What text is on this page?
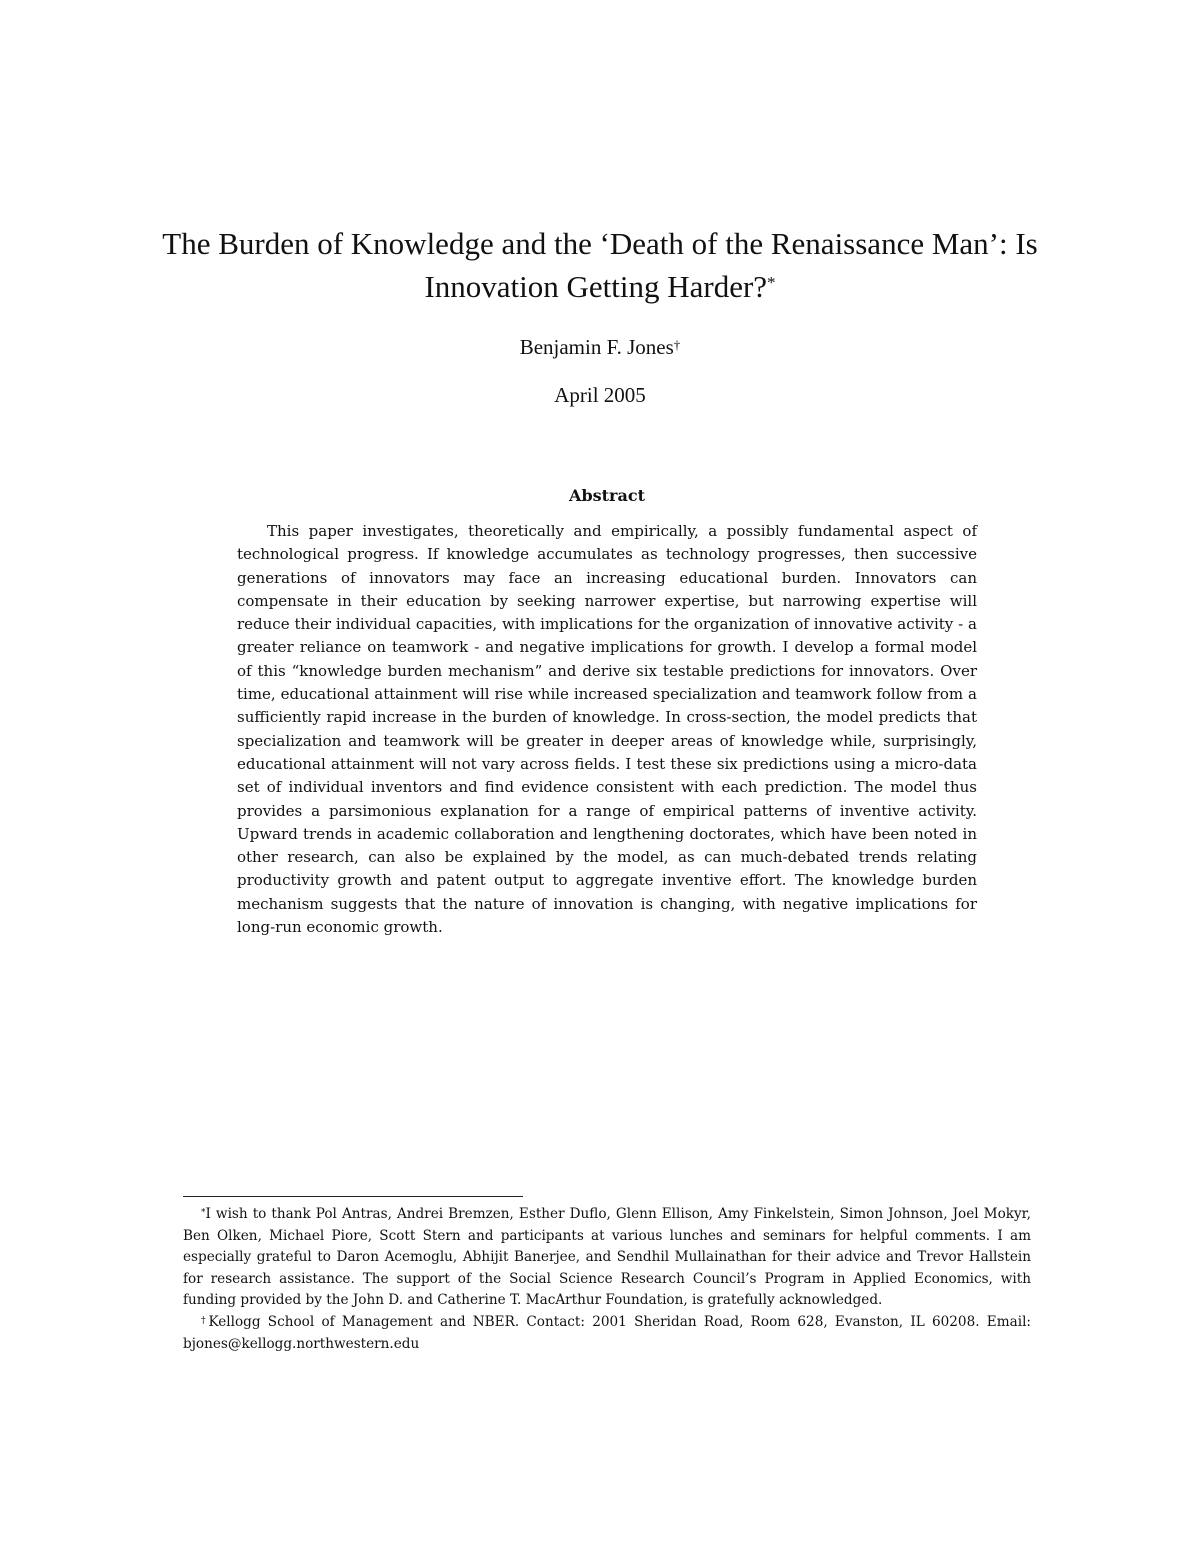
The Burden of Knowledge and the ‘Death of the Renaissance Man’: Is Innovation Getting Harder?*
Benjamin F. Jones†
April 2005
Abstract

This paper investigates, theoretically and empirically, a possibly fundamental aspect of technological progress. If knowledge accumulates as technology progresses, then successive generations of innovators may face an increasing educational burden. Innovators can compensate in their education by seeking narrower expertise, but narrowing expertise will reduce their individual capacities, with implications for the organization of innovative activity - a greater reliance on teamwork - and negative implications for growth. I develop a formal model of this “knowledge burden mechanism” and derive six testable predictions for innovators. Over time, educational attainment will rise while increased specialization and teamwork follow from a sufficiently rapid increase in the burden of knowledge. In cross-section, the model predicts that specialization and teamwork will be greater in deeper areas of knowledge while, surprisingly, educational attainment will not vary across fields. I test these six predictions using a micro-data set of individual inventors and find evidence consistent with each prediction. The model thus provides a parsimonious explanation for a range of empirical patterns of inventive activity. Upward trends in academic collaboration and lengthening doctorates, which have been noted in other research, can also be explained by the model, as can much-debated trends relating productivity growth and patent output to aggregate inventive effort. The knowledge burden mechanism suggests that the nature of innovation is changing, with negative implications for long-run economic growth.

*I wish to thank Pol Antras, Andrei Bremzen, Esther Duflo, Glenn Ellison, Amy Finkelstein, Simon Johnson, Joel Mokyr, Ben Olken, Michael Piore, Scott Stern and participants at various lunches and seminars for helpful comments. I am especially grateful to Daron Acemoglu, Abhijit Banerjee, and Sendhil Mullainathan for their advice and Trevor Hallstein for research assistance. The support of the Social Science Research Council’s Program in Applied Economics, with funding provided by the John D. and Catherine T. MacArthur Foundation, is gratefully acknowledged.

†Kellogg School of Management and NBER. Contact: 2001 Sheridan Road, Room 628, Evanston, IL 60208. Email: bjones@kellogg.northwestern.edu
